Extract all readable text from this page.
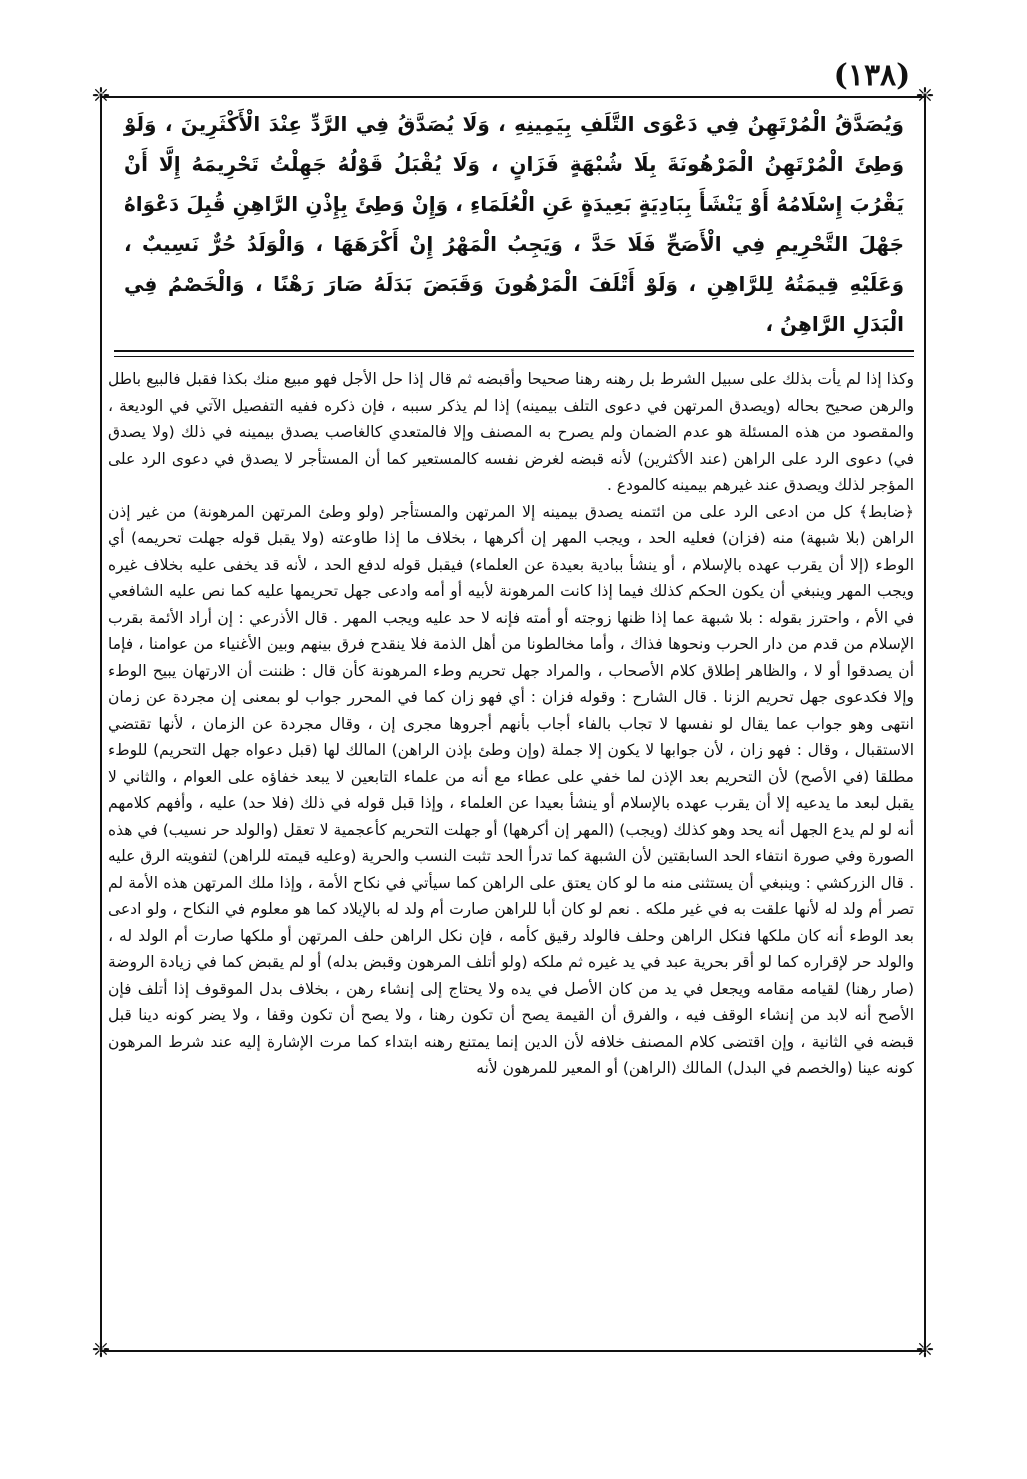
(١٣٨)
❈	❈
❈	❈

وَيُصَدَّقُ الْمُرْتَهِنُ فِي دَعْوَى التَّلَفِ بِيَمِينِهِ ، وَلَا يُصَدَّقُ فِي الرَّدِّ عِنْدَ الْأَكْثَرِينَ ، وَلَوْ وَطِئَ الْمُرْتَهِنُ الْمَرْهُونَةَ بِلَا شُبْهَةٍ فَزَانٍ ، وَلَا يُقْبَلُ قَوْلُهُ جَهِلْتُ تَحْرِيمَهُ إِلَّا أَنْ يَقْرُبَ إِسْلَامُهُ أَوْ يَنْشَأَ بِبَادِيَةٍ بَعِيدَةٍ عَنِ الْعُلَمَاءِ ، وَإِنْ وَطِئَ بِإِذْنِ الرَّاهِنِ قُبِلَ دَعْوَاهُ جَهْلَ التَّحْرِيمِ فِي الْأَصَحِّ فَلَا حَدَّ ، وَيَجِبُ الْمَهْرُ إِنْ أَكْرَهَهَا ، وَالْوَلَدُ حُرٌّ نَسِيبٌ ، وَعَلَيْهِ قِيمَتُهُ لِلرَّاهِنِ ، وَلَوْ أَتْلَفَ الْمَرْهُونَ وَقَبَضَ بَدَلَهُ صَارَ رَهْنًا ، وَالْخَصْمُ فِي الْبَدَلِ الرَّاهِنُ ،

وكذا إذا لم يأت بذلك على سبيل الشرط بل رهنه رهنا صحيحا وأقبضه ثم قال إذا حل الأجل فهو مبيع منك بكذا فقبل فالبيع باطل والرهن صحيح بحاله (ويصدق المرتهن في دعوى التلف بيمينه) إذا لم يذكر سببه ، فإن ذكره ففيه التفصيل الآتي في الوديعة ، والمقصود من هذه المسئلة هو عدم الضمان ولم يصرح به المصنف وإلا فالمتعدي كالغاصب يصدق بيمينه في ذلك (ولا يصدق في) دعوى الرد على الراهن (عند الأكثرين) لأنه قبضه لغرض نفسه كالمستعير كما أن المستأجر لا يصدق في دعوى الرد على المؤجر لذلك ويصدق عند غيرهم بيمينه كالمودع .

﴿ضابط﴾ كل من ادعى الرد على من ائتمنه يصدق بيمينه إلا المرتهن والمستأجر (ولو وطئ المرتهن المرهونة) من غير إذن الراهن (بلا شبهة) منه (فزان) فعليه الحد ، ويجب المهر إن أكرهها ، بخلاف ما إذا طاوعته (ولا يقبل قوله جهلت تحريمه) أي الوطء (إلا أن يقرب عهده بالإسلام ، أو ينشأ ببادية بعيدة عن العلماء) فيقبل قوله لدفع الحد ، لأنه قد يخفى عليه بخلاف غيره ويجب المهر وينبغي أن يكون الحكم كذلك فيما إذا كانت المرهونة لأبيه أو أمه وادعى جهل تحريمها عليه كما نص عليه الشافعي في الأم ، واحترز بقوله : بلا شبهة عما إذا ظنها زوجته أو أمته فإنه لا حد عليه ويجب المهر . قال الأذرعي : إن أراد الأئمة بقرب الإسلام من قدم من دار الحرب ونحوها فذاك ، وأما مخالطونا من أهل الذمة فلا ينقدح فرق بينهم وبين الأغنياء من عوامنا ، فإما أن يصدقوا أو لا ، والظاهر إطلاق كلام الأصحاب ، والمراد جهل تحريم وطء المرهونة كأن قال : ظننت أن الارتهان يبيح الوطء وإلا فكدعوى جهل تحريم الزنا . قال الشارح : وقوله فزان : أي فهو زان كما في المحرر جواب لو بمعنى إن مجردة عن زمان انتهى وهو جواب عما يقال لو نفسها لا تجاب بالفاء أجاب بأنهم أجروها مجرى إن ، وقال مجردة عن الزمان ، لأنها تقتضي الاستقبال ، وقال : فهو زان ، لأن جوابها لا يكون إلا جملة (وإن وطئ بإذن الراهن) المالك لها (قبل دعواه جهل التحريم) للوطء مطلقا (في الأصح) لأن التحريم بعد الإذن لما خفي على عطاء مع أنه من علماء التابعين لا يبعد خفاؤه على العوام ، والثاني لا يقبل لبعد ما يدعيه إلا أن يقرب عهده بالإسلام أو ينشأ بعيدا عن العلماء ، وإذا قبل قوله في ذلك (فلا حد) عليه ، وأفهم كلامهم أنه لو لم يدع الجهل أنه يحد وهو كذلك (ويجب) (المهر إن أكرهها) أو جهلت التحريم كأعجمية لا تعقل (والولد حر نسيب) في هذه الصورة وفي صورة انتفاء الحد السابقتين لأن الشبهة كما تدرأ الحد تثبت النسب والحرية (وعليه قيمته للراهن) لتفويته الرق عليه . قال الزركشي : وينبغي أن يستثنى منه ما لو كان يعتق على الراهن كما سيأتي في نكاح الأمة ، وإذا ملك المرتهن هذه الأمة لم تصر أم ولد له لأنها علقت به في غير ملكه . نعم لو كان أبا للراهن صارت أم ولد له بالإيلاد كما هو معلوم في النكاح ، ولو ادعى بعد الوطء أنه كان ملكها فنكل الراهن وحلف فالولد رقيق كأمه ، فإن نكل الراهن حلف المرتهن أو ملكها صارت أم الولد له ، والولد حر لإقراره كما لو أقر بحرية عبد في يد غيره ثم ملكه (ولو أتلف المرهون وقبض بدله) أو لم يقبض كما في زيادة الروضة (صار رهنا) لقيامه مقامه ويجعل في يد من كان الأصل في يده ولا يحتاج إلى إنشاء رهن ، بخلاف بدل الموقوف إذا أتلف فإن الأصح أنه لابد من إنشاء الوقف فيه ، والفرق أن القيمة يصح أن تكون رهنا ، ولا يصح أن تكون وقفا ، ولا يضر كونه دينا قبل قبضه في الثانية ، وإن اقتضى كلام المصنف خلافه لأن الدين إنما يمتنع رهنه ابتداء كما مرت الإشارة إليه عند شرط المرهون كونه عينا (والخصم في البدل) المالك (الراهن) أو المعير للمرهون لأنه
